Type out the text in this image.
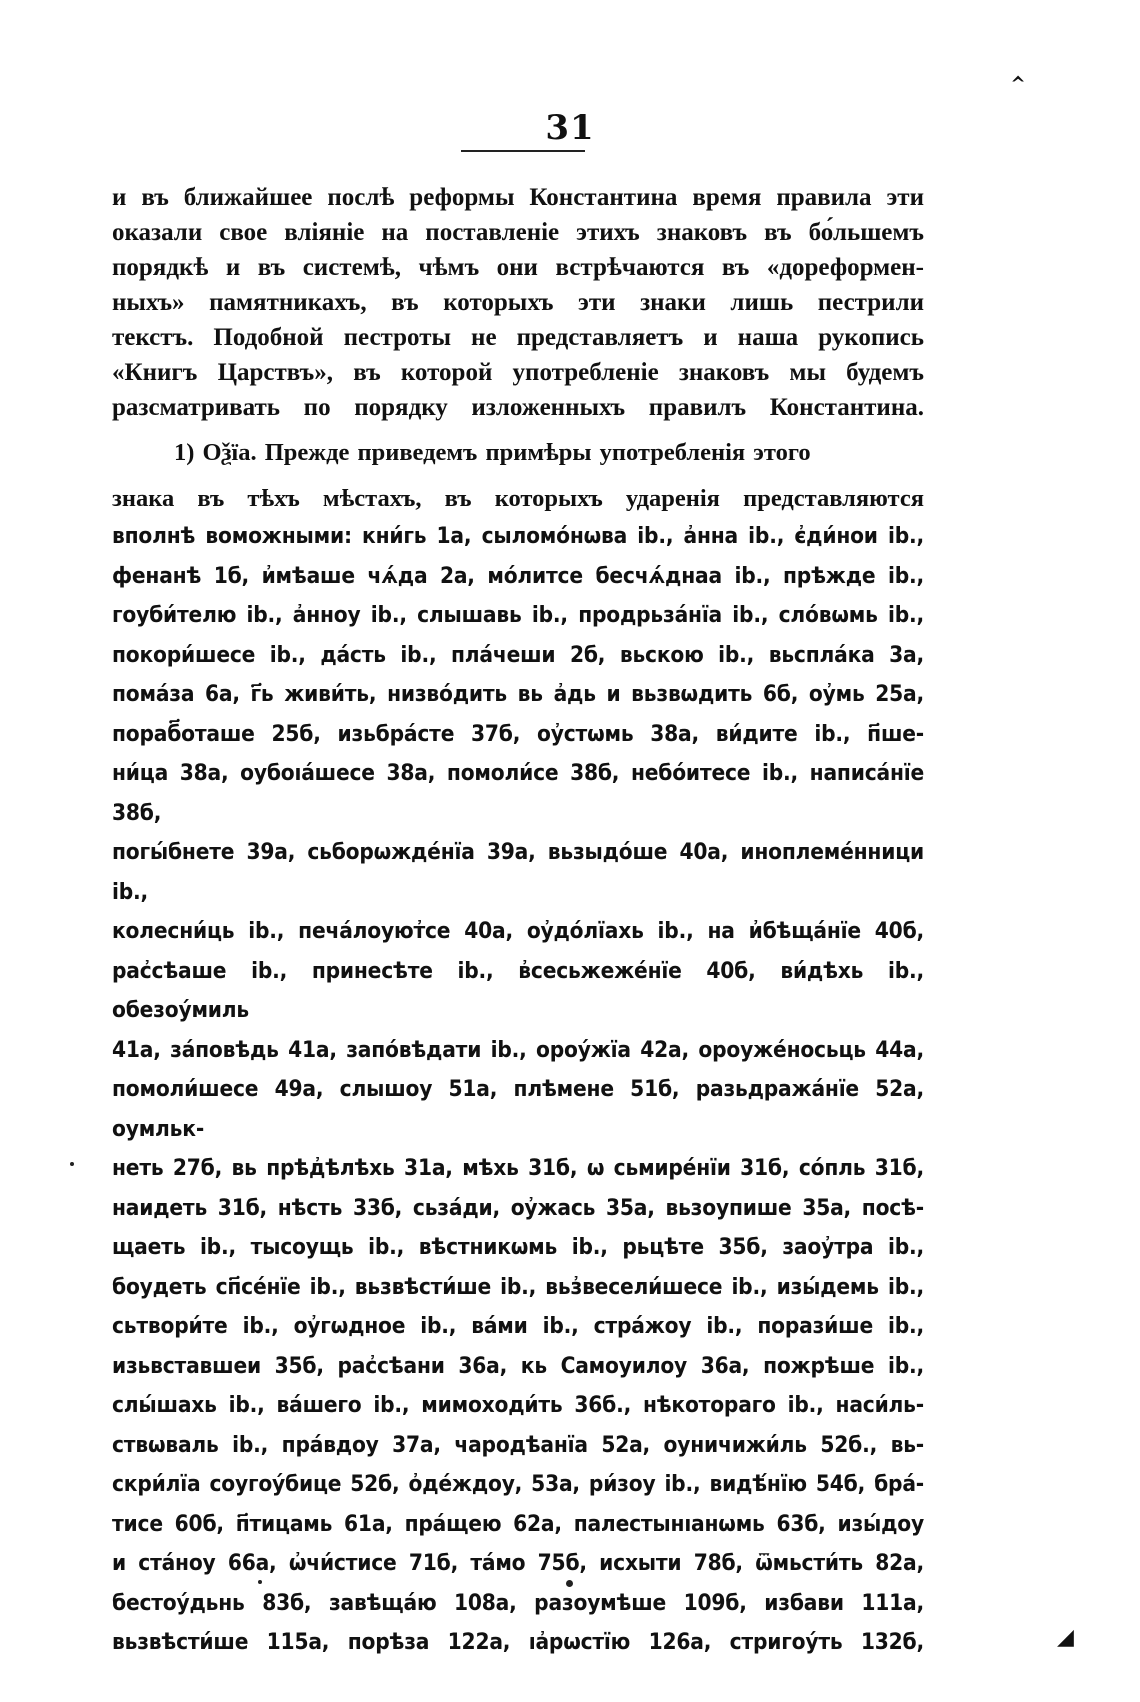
31
‸
◢

и въ ближайшее послѣ реформы Константина время правила эти

оказали свое вліяніе на поставленіе этихъ знаковъ въ бо́льшемъ

порядкѣ и въ системѣ, чѣмъ они встрѣчаются въ «дореформен-

ныхъ» памятникахъ, въ которыхъ эти знаки лишь пестрили

текстъ. Подобной пестроты не представляетъ и наша рукопись

«Книгъ Царствъ», въ которой употребленіе знаковъ мы будемъ

разсматривать по порядку изложенныхъ правилъ Константина.

1) Оѯїа. Прежде приведемъ примѣры употребленія этого

знака въ тѣхъ мѣстахъ, въ которыхъ ударенія представляются

вполнѣ воможными: кни́гь 1а, сыломо́нѡва ib., а҆нна ib., є҆ди́нои ib.,

фенанѣ 1б, и҆мѣаше чѧ́да 2а, мо́литсе бесчѧ́днаа ib., прѣжде ib.,

гоуби́телю ib., а҆нноу ib., слышавь ib., продрьза́нїа ib., сло́вѡмь ib.,

покори́шесе ib., да́сть ib., пла́чеши 2б, вьскою ib., вьспла́ка 3а,

пома́за 6а, г҃ь живи́ть, низво́дить вь а҆дь и вьзвѡдить 6б, оу҆мь 25а,

пораб҃оташе 25б, изьбра́сте 37б, оу҆стѡмь 38а, ви́дите ib., п҃ше-

ни́ца 38а, оубоıа́шесе 38а, помоли́се 38б, небо́итесе ib., написа́нїе 38б,

погы́бнете 39а, сьборѡжде́нїа 39а, вьзыдо́ше 40а, иноплеме́нници ib.,

колесни́ць ib., печа́лоуют҆се 40а, оу҆до́лїахь ib., на и҆бѣща́нїе 40б,

рас҆сѣаше ib., принесѣте ib., в҆сесьжеже́нїе 40б, ви́дѣхь ib., обезоу́миль

41а, за́повѣдь 41а, запо́вѣдати ib., ороу́жїа 42а, ороуже́носьць 44а,

помоли́шесе 49а, слышоу 51а, плѣмене 51б, разьдража́нїе 52а, оумльк-

неть 27б, вь прѣд҆ѣлѣхь 31а, мѣхь 31б, ѡ сьмире́нїи 31б, со́пль 31б,

наидеть 31б, нѣсть 33б, сьза́ди, оу҆жась 35а, вьзоупише 35а, посѣ-

щаеть ib., тысоущь ib., вѣстникѡмь ib., рьцѣте 35б, заоу҆тра ib.,

боудеть сп҃се́нїе ib., вьзвѣсти́ше ib., вьз҆весели́шесе ib., изы́демь ib.,

сьтвори́те ib., оу҆гѡдное ib., ва́ми ib., стра́жоу ib., порази́ше ib.,

изьвставшеи 35б, рас҆сѣани 36а, кь Самоуилоу 36а, пожрѣше ib.,

слы́шахь ib., ва́шего ib., мимоходи́ть 36б., нѣкотораго ib., наси́ль-

ствѡваль ib., пра́вдоу 37а, чародѣанїа 52а, оуничижи́ль 52б., вь-

скри́лїа соугоу́бице 52б, о҆де́ждоу, 53а, ри́зоу ib., видѣ́нїю 54б, бра́-

тисе 60б, п҃тицамь 61а, пра́щею 62а, палестынıанѡмь 63б, изы́доу

и ста́ноу 66а, ѡ҆чи́стисе 71б, та́мо 75б, исхыти 78б, ѿмьсти́ть 82а,

бестоу́дьнь 83б, завѣща́ю 108а, разоумѣше 109б, избави 111а,

вьзвѣсти́ше 115а, порѣза 122а, ıа҆рѡстїю 126а, стригоу́ть 132б,
